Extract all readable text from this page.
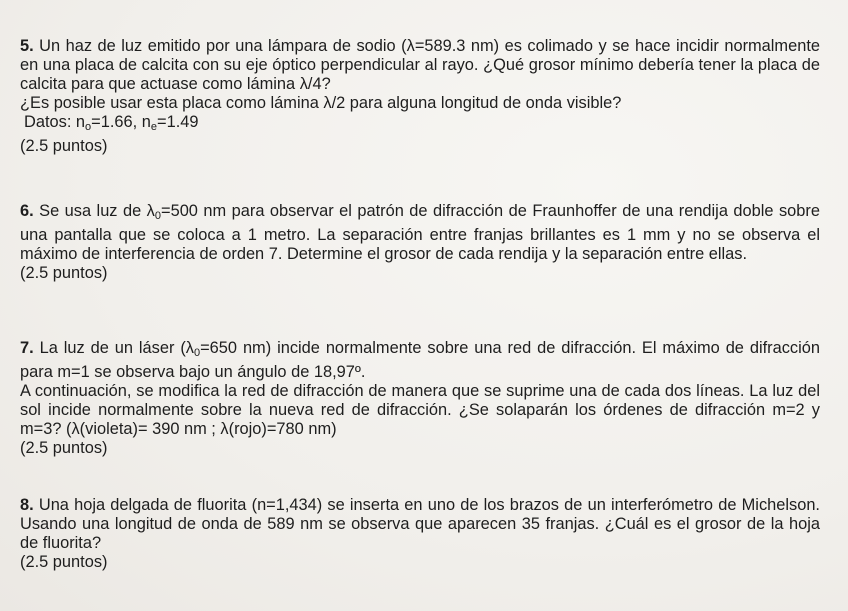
5. Un haz de luz emitido por una lámpara de sodio (λ=589.3 nm) es colimado y se hace incidir normalmente en una placa de calcita con su eje óptico perpendicular al rayo. ¿Qué grosor mínimo debería tener la placa de calcita para que actuase como lámina λ/4?

¿Es posible usar esta placa como lámina λ/2 para alguna longitud de onda visible?

Datos: $n_o=1.66$, $n_e=1.49$

(2.5 puntos)

6. Se usa luz de $\lambda_0=500$ nm para observar el patrón de difracción de Fraunhoffer de una rendija doble sobre una pantalla que se coloca a 1 metro. La separación entre franjas brillantes es 1 mm y no se observa el máximo de interferencia de orden 7. Determine el grosor de cada rendija y la separación entre ellas.

(2.5 puntos)

7. La luz de un láser ($\lambda_0=650$ nm) incide normalmente sobre una red de difracción. El máximo de difracción para m=1 se observa bajo un ángulo de 18,97º.

A continuación, se modifica la red de difracción de manera que se suprime una de cada dos líneas. La luz del sol incide normalmente sobre la nueva red de difracción. ¿Se solaparán los órdenes de difracción m=2 y m=3? (λ(violeta)= 390 nm ; λ(rojo)=780 nm)

(2.5 puntos)

8. Una hoja delgada de fluorita (n=1,434) se inserta en uno de los brazos de un interferómetro de Michelson. Usando una longitud de onda de 589 nm se observa que aparecen 35 franjas. ¿Cuál es el grosor de la hoja de fluorita?

(2.5 puntos)
